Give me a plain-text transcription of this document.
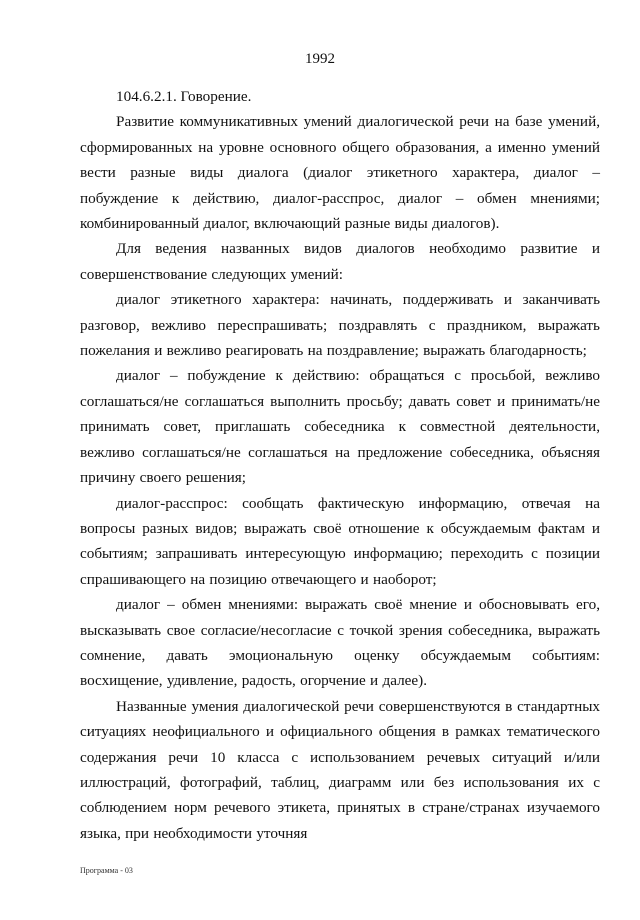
1992

104.6.2.1. Говорение.

Развитие коммуникативных умений диалогической речи на базе умений, сформированных на уровне основного общего образования, а именно умений вести разные виды диалога (диалог этикетного характера, диалог – побуждение к действию, диалог-расспрос, диалог – обмен мнениями; комбинированный диалог, включающий разные виды диалогов).

Для ведения названных видов диалогов необходимо развитие и совершенствование следующих умений:

диалог этикетного характера: начинать, поддерживать и заканчивать разговор, вежливо переспрашивать; поздравлять с праздником, выражать пожелания и вежливо реагировать на поздравление; выражать благодарность;

диалог – побуждение к действию: обращаться с просьбой, вежливо соглашаться/не соглашаться выполнить просьбу; давать совет и принимать/не принимать совет, приглашать собеседника к совместной деятельности, вежливо соглашаться/не соглашаться на предложение собеседника, объясняя причину своего решения;

диалог-расспрос: сообщать фактическую информацию, отвечая на вопросы разных видов; выражать своё отношение к обсуждаемым фактам и событиям; запрашивать интересующую информацию; переходить с позиции спрашивающего на позицию отвечающего и наоборот;

диалог – обмен мнениями: выражать своё мнение и обосновывать его, высказывать свое согласие/несогласие с точкой зрения собеседника, выражать сомнение, давать эмоциональную оценку обсуждаемым событиям: восхищение, удивление, радость, огорчение и далее).

Названные умения диалогической речи совершенствуются в стандартных ситуациях неофициального и официального общения в рамках тематического содержания речи 10 класса с использованием речевых ситуаций и/или иллюстраций, фотографий, таблиц, диаграмм или без использования их с соблюдением норм речевого этикета, принятых в стране/странах изучаемого языка, при необходимости уточняя

Программа - 03
